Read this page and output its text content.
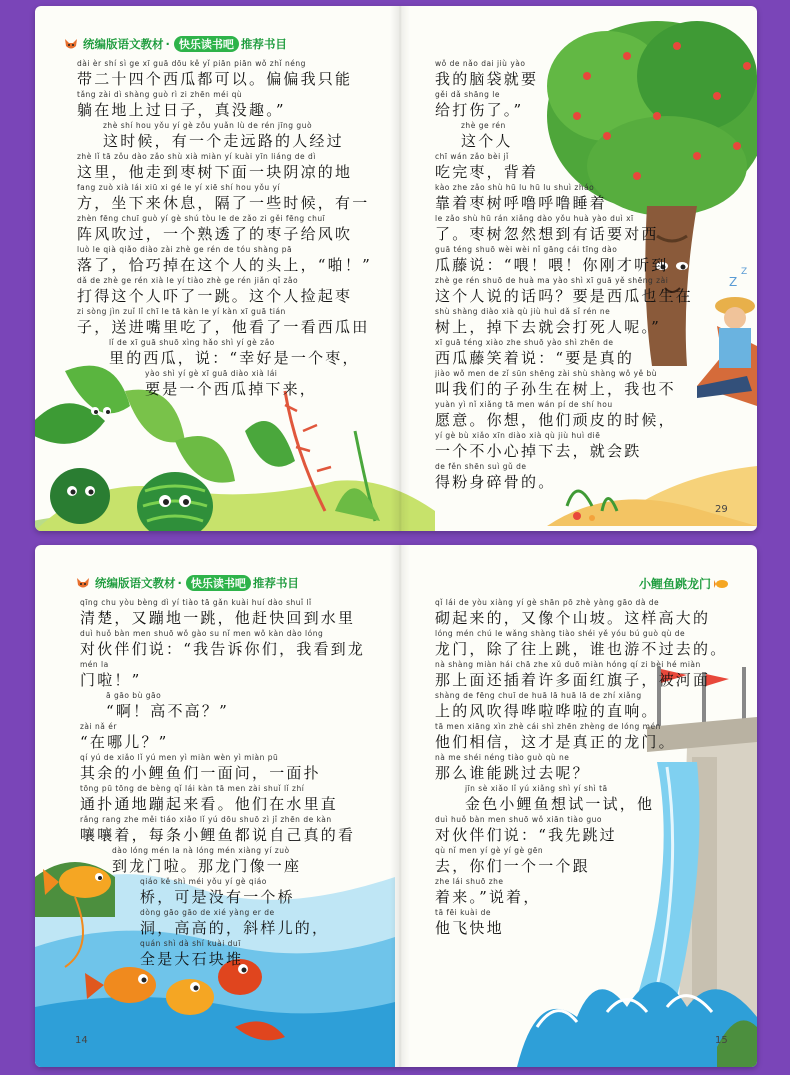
Z
Z
统编版语文教材 · 快乐读书吧 推荐书目
dài èr shí sì ge xī guā dōu kě yǐ piān piān wǒ zhǐ néng
带二十四个西瓜都可以。偏偏我只能
tǎng zài dì shàng guò rì zi zhēn méi qù
躺在地上过日子，真没趣。”
zhè shí hou yǒu yí gè zǒu yuǎn lù de rén jīng guò
这时候，有一个走远路的人经过
zhè lǐ tā zǒu dào zǎo shù xià miàn yí kuài yīn liáng de dì
这里，他走到枣树下面一块阴凉的地
fang zuò xià lái xiū xi gé le yí xiē shí hou yǒu yí
方，坐下来休息，隔了一些时候，有一
zhèn fēng chuī guò yí gè shú tòu le de zǎo zi gěi fēng chuī
阵风吹过，一个熟透了的枣子给风吹
luò le qià qiǎo diào zài zhè ge rén de tóu shàng pā
落了，恰巧掉在这个人的头上，“啪！”
dǎ de zhè ge rén xià le yí tiào zhè ge rén jiǎn qǐ zǎo
打得这个人吓了一跳。这个人捡起枣
zi sòng jìn zuǐ lǐ chī le tā kàn le yí kàn xī guā tián
子，送进嘴里吃了，他看了一看西瓜田
lǐ de xī guā shuō xìng hǎo shì yí gè zǎo
里的西瓜，说：“幸好是一个枣，
yào shì yí gè xī guā diào xià lái
要是一个西瓜掉下来，
wǒ de nǎo dai jiù yào
我的脑袋就要
gěi dǎ shāng le
给打伤了。”
zhè ge rén
这个人
chī wán zǎo bèi jǐ
吃完枣，背着
kào zhe zǎo shù hū lu hū lu shuì zháo
靠着枣树呼噜呼噜睡着
le zǎo shù hū rán xiǎng dào yǒu huà yào duì xī
了。枣树忽然想到有话要对西
guā téng shuō wèi wèi nǐ gāng cái tīng dào
瓜藤说：“喂！喂！你刚才听到
zhè ge rén shuō de huà ma yào shì xī guā yě shēng zài
这个人说的话吗？要是西瓜也生在
shù shàng diào xià qù jiù huì dǎ sǐ rén ne
树上，掉下去就会打死人呢。”
xī guā téng xiào zhe shuō yào shì zhēn de
西瓜藤笑着说：“要是真的
jiào wǒ men de zǐ sūn shēng zài shù shàng wǒ yě bù
叫我们的子孙生在树上，我也不
yuàn yì nǐ xiǎng tā men wán pí de shí hou
愿意。你想，他们顽皮的时候，
yí gè bù xiǎo xīn diào xià qù jiù huì diē
一个不小心掉下去，就会跌
de fěn shēn suì gǔ de
得粉身碎骨的。
29
统编版语文教材 · 快乐读书吧 推荐书目	小鲤鱼跳龙门
qīng chu yòu bèng dì yí tiào tā gǎn kuài huí dào shuǐ lǐ
清楚，又蹦地一跳，他赶快回到水里
duì huǒ bàn men shuō wǒ gào su nǐ men wǒ kàn dào lóng
对伙伴们说：“我告诉你们，我看到龙
mén la
门啦！”
ā gāo bù gāo
“啊！高不高？”
zài nǎ ér
“在哪儿？”
qí yú de xiǎo lǐ yú men yì miàn wèn yì miàn pū
其余的小鲤鱼们一面问，一面扑
tōng pū tōng de bèng qǐ lái kàn tā men zài shuǐ lǐ zhí
通扑通地蹦起来看。他们在水里直
rǎng rang zhe měi tiáo xiǎo lǐ yú dōu shuō zì jǐ zhēn de kàn
嚷嚷着，每条小鲤鱼都说自己真的看
dào lóng mén la nà lóng mén xiàng yí zuò
到龙门啦。那龙门像一座
qiáo kě shì méi yǒu yí gè qiáo
桥，可是没有一个桥
dòng gāo gāo de xié yàng er de
洞，高高的，斜样儿的，
quán shì dà shí kuài duī
全是大石块堆
qǐ lái de yòu xiàng yí gè shān pō zhè yàng gāo dà de
砌起来的，又像个山坡。这样高大的
lóng mén chú le wǎng shàng tiào shéi yě yóu bú guò qù de
龙门，除了往上跳，谁也游不过去的。
nà shàng miàn hái chā zhe xǔ duō miàn hóng qí zi bèi hé miàn
那上面还插着许多面红旗子，被河面
shàng de fēng chuī de huā lā huā lā de zhí xiǎng
上的风吹得哗啦哗啦的直响。
tā men xiāng xìn zhè cái shì zhēn zhèng de lóng mén
他们相信，这才是真正的龙门。
nà me shéi néng tiào guò qù ne
那么谁能跳过去呢？
jīn sè xiǎo lǐ yú xiǎng shì yí shì tā
金色小鲤鱼想试一试，他
duì huǒ bàn men shuō wǒ xiān tiào guo
对伙伴们说：“我先跳过
qù nǐ men yí gè yí gè gēn
去，你们一个一个跟
zhe lái shuō zhe
着来。”说着，
tā fēi kuài de
他飞快地
14	15
